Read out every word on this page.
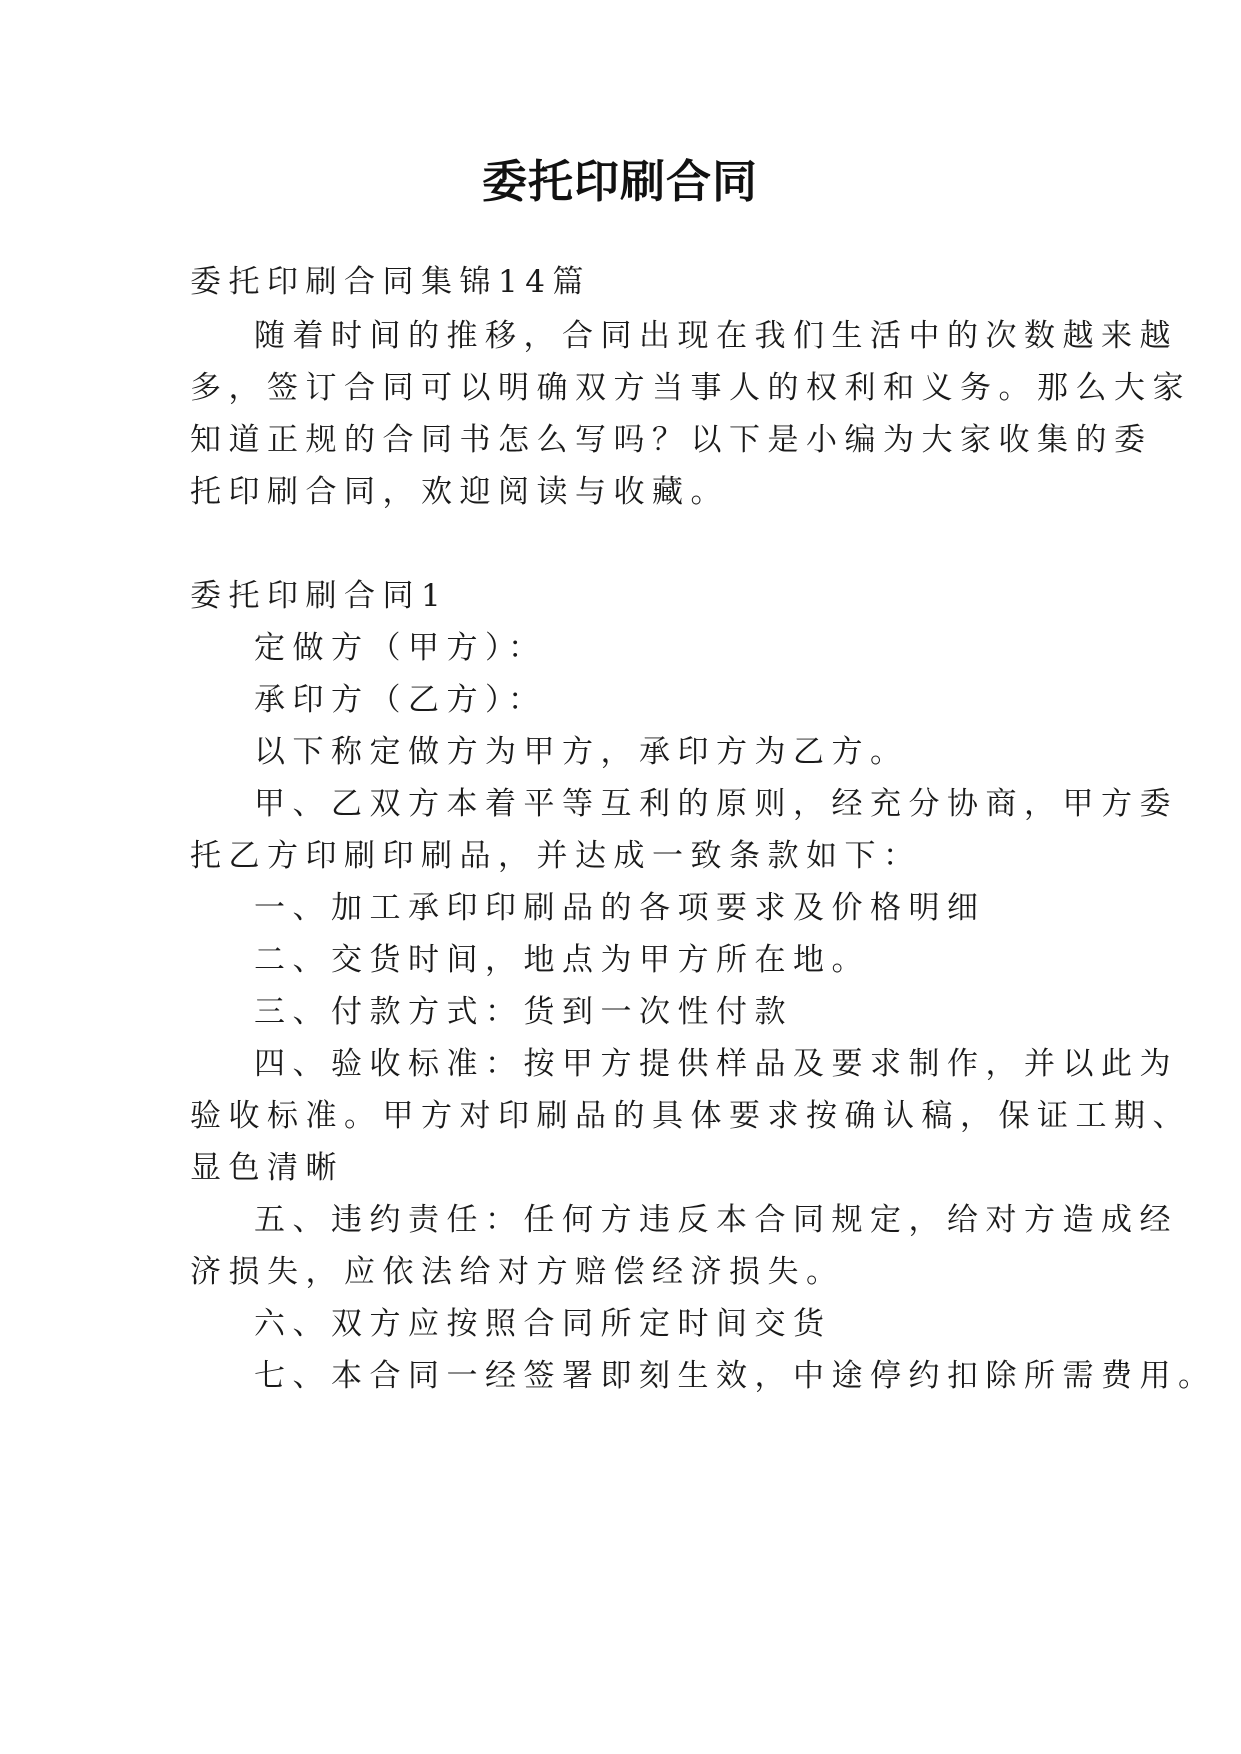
委托印刷合同
委托印刷合同集锦14篇
随着时间的推移，合同出现在我们生活中的次数越来越
多，签订合同可以明确双方当事人的权利和义务。那么大家
知道正规的合同书怎么写吗？以下是小编为大家收集的委
托印刷合同，欢迎阅读与收藏。
委托印刷合同1
定做方（甲方）：
承印方（乙方）：
以下称定做方为甲方，承印方为乙方。
甲、乙双方本着平等互利的原则，经充分协商，甲方委
托乙方印刷印刷品，并达成一致条款如下：
一、加工承印印刷品的各项要求及价格明细
二、交货时间，地点为甲方所在地。
三、付款方式：货到一次性付款
四、验收标准：按甲方提供样品及要求制作，并以此为
验收标准。甲方对印刷品的具体要求按确认稿，保证工期、
显色清晰
五、违约责任：任何方违反本合同规定，给对方造成经
济损失，应依法给对方赔偿经济损失。
六、双方应按照合同所定时间交货
七、本合同一经签署即刻生效，中途停约扣除所需费用。
